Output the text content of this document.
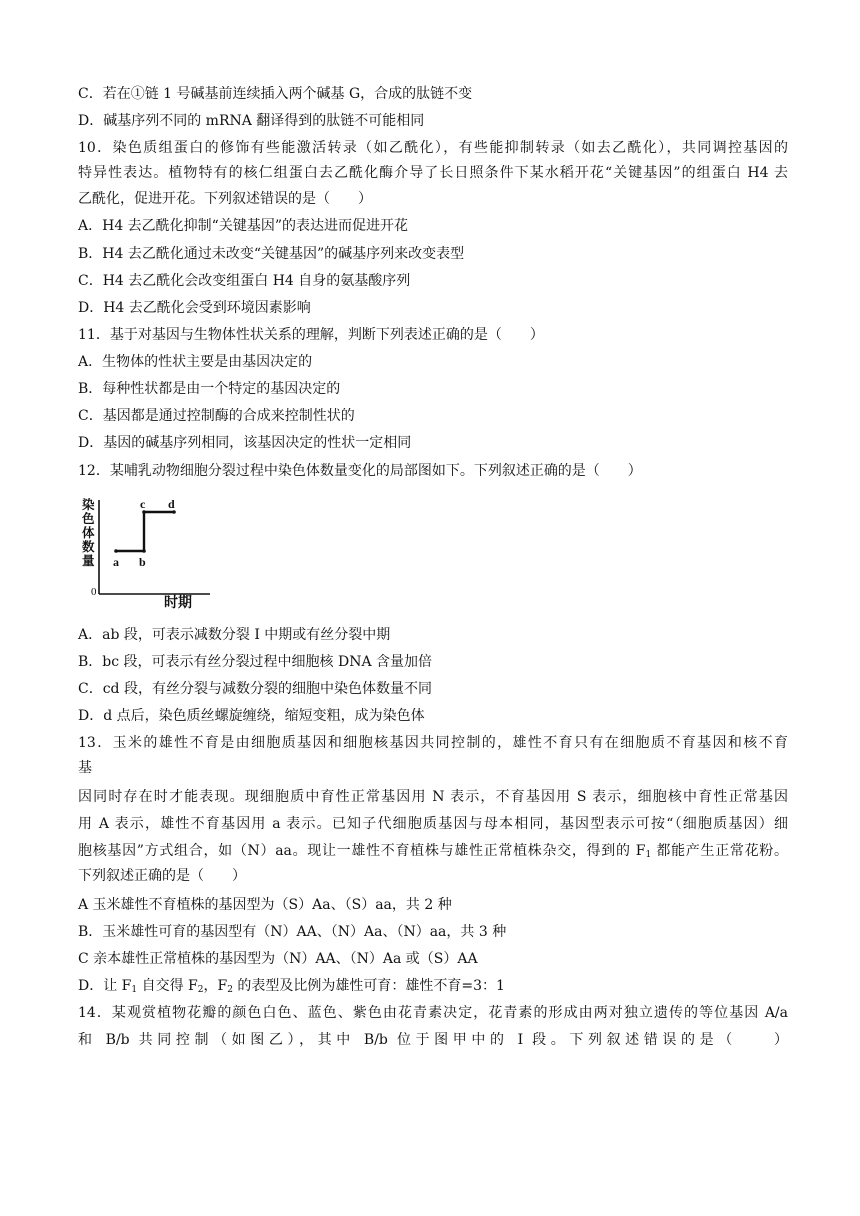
C．若在①链 1 号碱基前连续插入两个碱基 G，合成的肽链不变
D．碱基序列不同的 mRNA 翻译得到的肽链不可能相同
10．染色质组蛋白的修饰有些能激活转录（如乙酰化），有些能抑制转录（如去乙酰化），共同调控基因的
特异性表达。植物特有的核仁组蛋白去乙酰化酶介导了长日照条件下某水稻开花“关键基因”的组蛋白 H4 去
乙酰化，促进开花。下列叙述错误的是（　　）
A．H4 去乙酰化抑制“关键基因”的表达进而促进开花
B．H4 去乙酰化通过未改变“关键基因”的碱基序列来改变表型
C．H4 去乙酰化会改变组蛋白 H4 自身的氨基酸序列
D．H4 去乙酰化会受到环境因素影响
11．基于对基因与生物体性状关系的理解，判断下列表述正确的是（　　）
A．生物体的性状主要是由基因决定的
B．每种性状都是由一个特定的基因决定的
C．基因都是通过控制酶的合成来控制性状的
D．基因的碱基序列相同，该基因决定的性状一定相同
12．某哺乳动物细胞分裂过程中染色体数量变化的局部图如下。下列叙述正确的是（　　）
染色体数量 a b
c d
0
时期
A．ab 段，可表示减数分裂 I 中期或有丝分裂中期
B．bc 段，可表示有丝分裂过程中细胞核 DNA 含量加倍
C．cd 段，有丝分裂与减数分裂的细胞中染色体数量不同
D．d 点后，染色质丝螺旋缠绕，缩短变粗，成为染色体
13．玉米的雄性不育是由细胞质基因和细胞核基因共同控制的，雄性不育只有在细胞质不育基因和核不育
基
因同时存在时才能表现。现细胞质中育性正常基因用 N 表示，不育基因用 S 表示，细胞核中育性正常基因
用 A 表示，雄性不育基因用 a 表示。已知子代细胞质基因与母本相同，基因型表示可按“（细胞质基因）细
胞核基因”方式组合，如（N）aa。现让一雄性不育植株与雄性正常植株杂交，得到的 $F_1$ 都能产生正常花粉。
下列叙述正确的是（　　）
A 玉米雄性不育植株的基因型为（S）Aa、（S）aa，共 2 种
B．玉米雄性可育的基因型有（N）AA、（N）Aa、（N）aa，共 3 种
C 亲本雄性正常植株的基因型为（N）AA、（N）Aa 或（S）AA
D．让 $F_1$ 自交得 $F_2$，$F_2$ 的表型及比例为雄性可育：雄性不育=3：1
14．某观赏植物花瓣的颜色白色、蓝色、紫色由花青素决定，花青素的形成由两对独立遗传的等位基因 A/a
和 B/b 共同控制（如图乙），其中 B/b 位于图甲中的 I 段。下列叙述错误的是（　　）
